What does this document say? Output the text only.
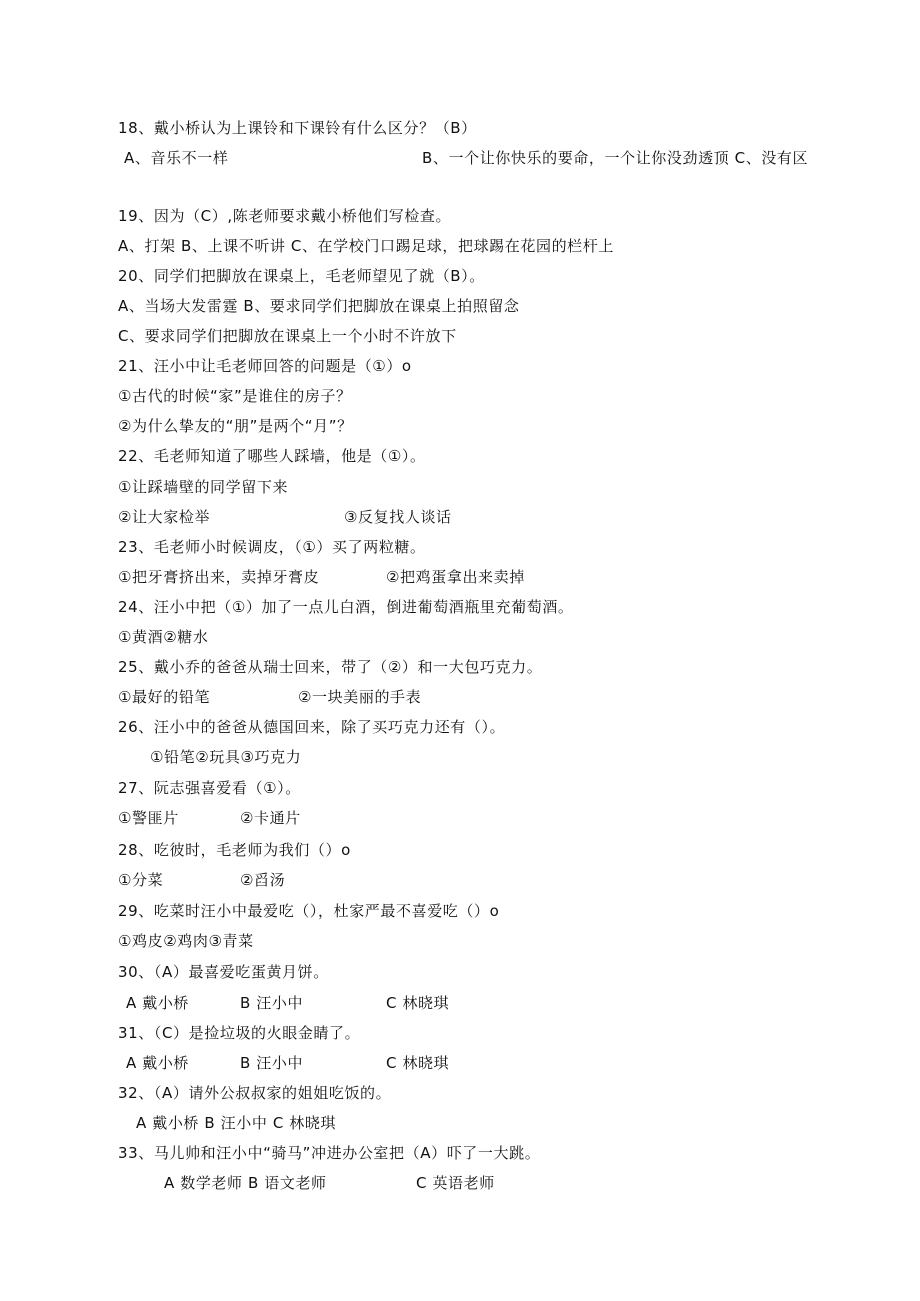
18、戴小桥认为上课铃和下课铃有什么区分？（B）
A、音乐不一样	B、一个让你快乐的要命，一个让你没劲透顶 C、没有区
19、因为（C）,陈老师要求戴小桥他们写检查。
A、打架 B、上课不听讲 C、在学校门口踢足球，把球踢在花园的栏杆上
20、同学们把脚放在课桌上，毛老师望见了就（B）。
A、当场大发雷霆 B、要求同学们把脚放在课桌上拍照留念
C、要求同学们把脚放在课桌上一个小时不许放下
21、汪小中让毛老师回答的问题是（①）o
①古代的时候“家”是谁住的房子？
②为什么挚友的“朋”是两个“月”？
22、毛老师知道了哪些人踩墙，他是（①）。
①让踩墙壁的同学留下来
②让大家检举	③反复找人谈话
23、毛老师小时候调皮，（①）买了两粒糖。
①把牙膏挤出来，卖掉牙膏皮	②把鸡蛋拿出来卖掉
24、汪小中把（①）加了一点儿白酒，倒进葡萄酒瓶里充葡萄酒。
①黄酒②糖水
25、戴小乔的爸爸从瑞士回来，带了（②）和一大包巧克力。
①最好的铅笔	②一块美丽的手表
26、汪小中的爸爸从德国回来，除了买巧克力还有（）。
①铅笔②玩具③巧克力
27、阮志强喜爱看（①）。
①警匪片	②卡通片
28、吃彼时，毛老师为我们（）o
①分菜	②舀汤
29、吃菜时汪小中最爱吃（），杜家严最不喜爱吃（）o
①鸡皮②鸡肉③青菜
30、（A）最喜爱吃蛋黄月饼。
A 戴小桥	B 汪小中	C 林晓琪
31、（C）是捡垃圾的火眼金睛了。
A 戴小桥	B 汪小中	C 林晓琪
32、（A）请外公叔叔家的姐姐吃饭的。
A 戴小桥 B 汪小中 C 林晓琪
33、马儿帅和汪小中“骑马”冲进办公室把（A）吓了一大跳。
A 数学老师 B 语文老师	C 英语老师
